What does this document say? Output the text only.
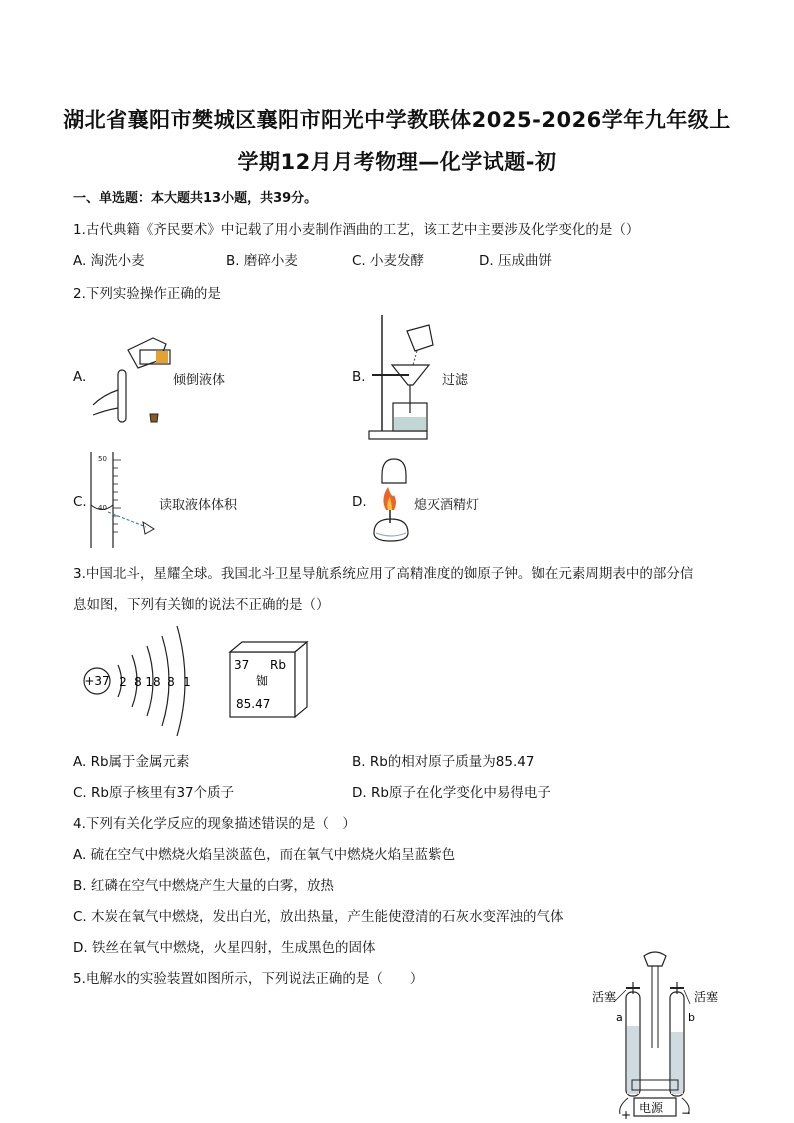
湖北省襄阳市樊城区襄阳市阳光中学教联体2025-2026学年九年级上
学期12月月考物理—化学试题-初
一、单选题：本大题共13小题，共39分。
1.古代典籍《齐民要术》中记载了用小麦制作酒曲的工艺，该工艺中主要涉及化学变化的是（）
A. 淘洗小麦	B. 磨碎小麦	C. 小麦发酵	D. 压成曲饼
2.下列实验操作正确的是
A.	倾倒液体	B.	过滤
C.
50
40	读取液体体积	D.	熄灭酒精灯
3.中国北斗，星耀全球。我国北斗卫星导航系统应用了高精准度的铷原子钟。铷在元素周期表中的部分信
息如图，下列有关铷的说法不正确的是（）
+37 2 8 18 8 1
37 Rb
铷
85.47
A. Rb属于金属元素	B. Rb的相对原子质量为85.47
C. Rb原子核里有37个质子	D. Rb原子在化学变化中易得电子
4.下列有关化学反应的现象描述错误的是（　）
A. 硫在空气中燃烧火焰呈淡蓝色，而在氧气中燃烧火焰呈蓝紫色
B. 红磷在空气中燃烧产生大量的白雾，放热
C. 木炭在氧气中燃烧，发出白光，放出热量，产生能使澄清的石灰水变浑浊的气体
D. 铁丝在氧气中燃烧，火星四射，生成黑色的固体
5.电解水的实验装置如图所示，下列说法正确的是（　　）
活塞	活塞
a	b
电源
+	−
